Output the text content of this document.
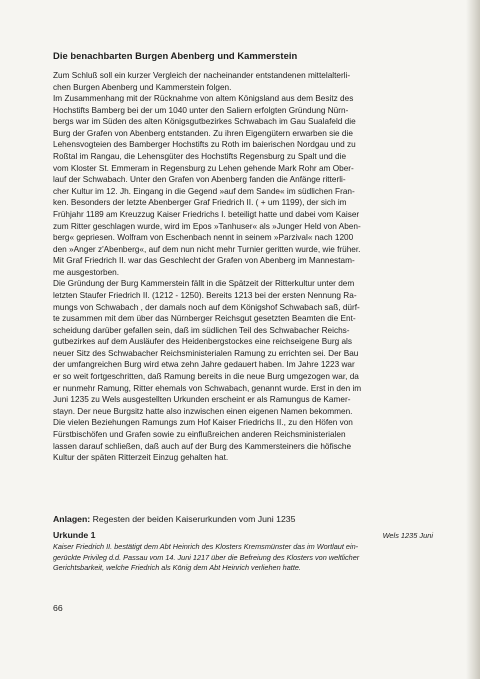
Die benachbarten Burgen Abenberg und Kammerstein
Zum Schluß soll ein kurzer Vergleich der nacheinander entstandenen mittelalterli-
chen Burgen Abenberg und Kammerstein folgen.
Im Zusammenhang mit der Rücknahme von altem Königsland aus dem Besitz des
Hochstifts Bamberg bei der um 1040 unter den Saliern erfolgten Gründung Nürn-
bergs war im Süden des alten Königsgutbezirkes Schwabach im Gau Sualafeld die
Burg der Grafen von Abenberg entstanden. Zu ihren Eigengütern erwarben sie die
Lehensvogteien des Bamberger Hochstifts zu Roth im baierischen Nordgau und zu
Roßtal im Rangau, die Lehensgüter des Hochstifts Regensburg zu Spalt und die
vom Kloster St. Emmeram in Regensburg zu Lehen gehende Mark Rohr am Ober-
lauf der Schwabach. Unter den Grafen von Abenberg fanden die Anfänge ritterli-
cher Kultur im 12. Jh. Eingang in die Gegend »auf dem Sande« im südlichen Fran-
ken. Besonders der letzte Abenberger Graf Friedrich II. ( + um 1199), der sich im
Frühjahr 1189 am Kreuzzug Kaiser Friedrichs I. beteiligt hatte und dabei vom Kaiser
zum Ritter geschlagen wurde, wird im Epos »Tanhuser« als »Junger Held von Aben-
berg« gepriesen. Wolfram von Eschenbach nennt in seinem »Parzival« nach 1200
den »Anger z'Abenberg«, auf dem nun nicht mehr Turnier geritten wurde, wie früher.
Mit Graf Friedrich II. war das Geschlecht der Grafen von Abenberg im Mannestam-
me ausgestorben.
Die Gründung der Burg Kammerstein fällt in die Spätzeit der Ritterkultur unter dem
letzten Staufer Friedrich II. (1212 - 1250). Bereits 1213 bei der ersten Nennung Ra-
mungs von Schwabach , der damals noch auf dem Königshof Schwabach saß, dürf-
te zusammen mit dem über das Nürnberger Reichsgut gesetzten Beamten die Ent-
scheidung darüber gefallen sein, daß im südlichen Teil des Schwabacher Reichs-
gutbezirkes auf dem Ausläufer des Heidenbergstockes eine reichseigene Burg als
neuer Sitz des Schwabacher Reichsministerialen Ramung zu errichten sei. Der Bau
der umfangreichen Burg wird etwa zehn Jahre gedauert haben. Im Jahre 1223 war
er so weit fortgeschritten, daß Ramung bereits in die neue Burg umgezogen war, da
er nunmehr Ramung, Ritter ehemals von Schwabach, genannt wurde. Erst in den im
Juni 1235 zu Wels ausgestellten Urkunden erscheint er als Ramungus de Kamer-
stayn. Der neue Burgsitz hatte also inzwischen einen eigenen Namen bekommen.
Die vielen Beziehungen Ramungs zum Hof Kaiser Friedrichs II., zu den Höfen von
Fürstbischöfen und Grafen sowie zu einflußreichen anderen Reichsministerialen
lassen darauf schließen, daß auch auf der Burg des Kammersteiners die höfische
Kultur der späten Ritterzeit Einzug gehalten hat.
Anlagen: Regesten der beiden Kaiserurkunden vom Juni 1235
Urkunde 1	Wels 1235 Juni

Kaiser Friedrich II. bestätigt dem Abt Heinrich des Klosters Kremsmünster das im Wortlaut ein-
gerückte Privileg d.d. Passau vom 14. Juni 1217 über die Befreiung des Klosters von weltlicher
Gerichtsbarkeit, welche Friedrich als König dem Abt Heinrich verliehen hatte.

66
